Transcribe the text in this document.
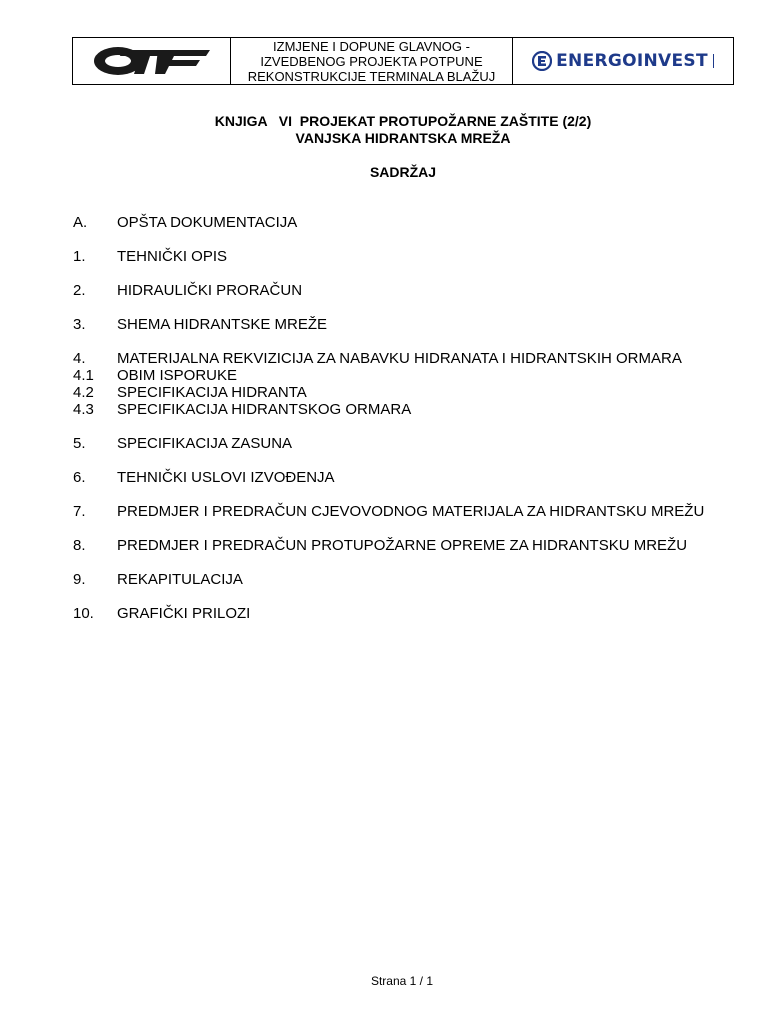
IZMJENE I DOPUNE GLAVNOG -
IZVEDBENOG PROJEKTA POTPUNE
REKONSTRUKCIJE TERMINALA BLAŽUJ
ENERGOINVEST
KNJIGA   VI  PROJEKAT PROTUPOŽARNE ZAŠTITE (2/2)
VANJSKA HIDRANTSKA MREŽA
SADRŽAJ
A.	OPŠTA DOKUMENTACIJA
1.	TEHNIČKI OPIS
2.	HIDRAULIČKI PRORAČUN
3.	SHEMA HIDRANTSKE MREŽE
4.	MATERIJALNA REKVIZICIJA ZA NABAVKU HIDRANATA I HIDRANTSKIH ORMARA
4.1	OBIM ISPORUKE
4.2	SPECIFIKACIJA HIDRANTA
4.3	SPECIFIKACIJA HIDRANTSKOG ORMARA
5.	SPECIFIKACIJA ZASUNA
6.	TEHNIČKI USLOVI IZVOĐENJA
7.	PREDMJER I PREDRAČUN CJEVOVODNOG MATERIJALA ZA HIDRANTSKU MREŽU
8.	PREDMJER I PREDRAČUN PROTUPOŽARNE OPREME ZA HIDRANTSKU MREŽU
9.	REKAPITULACIJA
10.	GRAFIČKI PRILOZI
Strana 1 / 1
